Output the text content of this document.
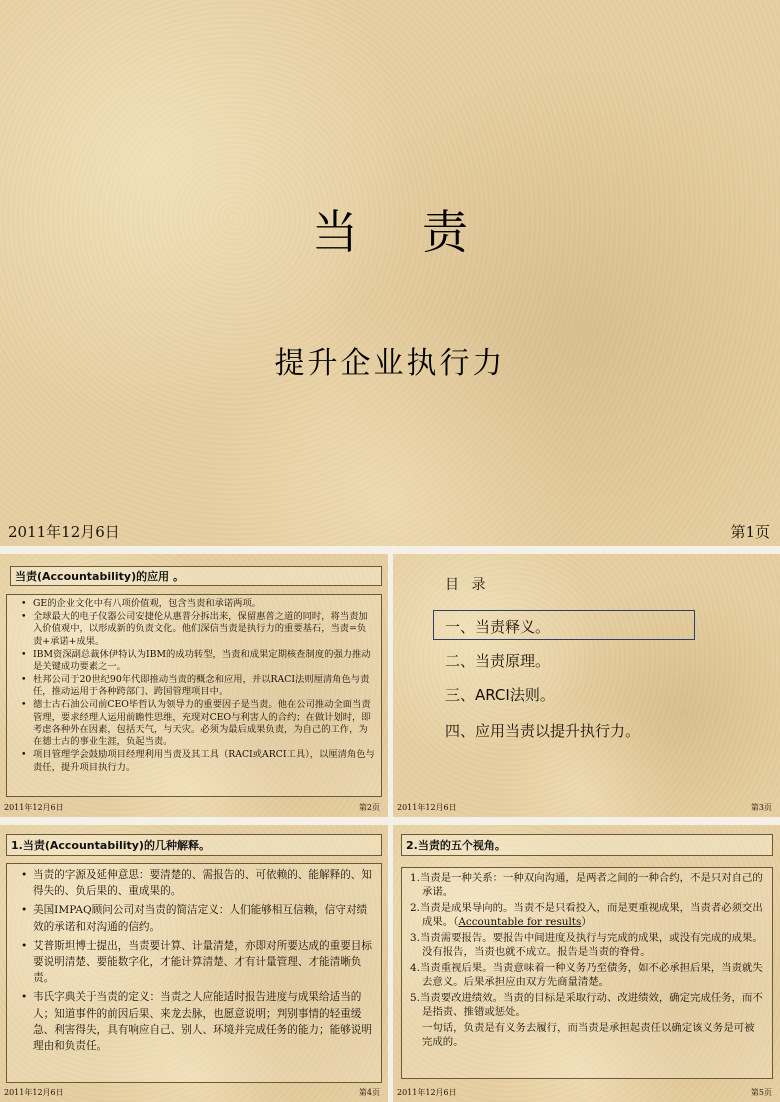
当责
提升企业执行力
2011年12月6日	第1页
当责(Accountability)的应用 。
• GE的企业文化中有八项价值观，包含当责和承诺两项。
• 全球最大的电子仪器公司安捷伦从惠普分拆出来，保留惠普之道的同时，将当责加入价值观中，以形成新的负责文化。他们深信当责是执行力的重要基石，当责=负责+承诺+成果。
• IBM资深副总裁休伊特认为IBM的成功转型，当责和成果定期核查制度的强力推动是关键成功要素之一。
• 杜邦公司于20世纪90年代即推动当责的概念和应用，并以RACI法则厘清角色与责任，推动运用于各种跨部门、跨国管理项目中。
• 德士古石油公司前CEO毕哲认为领导力的重要因子是当责。他在公司推动全面当责管理，要求经理人运用前瞻性思维，充现对CEO与利害人的合约；在做计划时，即考虑各种外在因素，包括天气，与天灾。必须为最后成果负责，为自己的工作，为在德士古的事业生涯，负起当责。
• 项目管理学会鼓励项目经理利用当责及其工具（RACI或ARCI工具），以厘清角色与责任，提升项目执行力。
2011年12月6日	第2页
目 录
一、当责释义。
二、当责原理。
三、ARCI法则。
四、应用当责以提升执行力。
2011年12月6日	第3页
1.当责(Accountability)的几种解释。
• 当责的字源及延伸意思：要清楚的、需报告的、可依赖的、能解释的、知得失的、负后果的、重成果的。
• 美国IMPAQ顾问公司对当责的简洁定义：人们能够相互信赖，信守对绩效的承诺和对沟通的信约。
• 艾普斯坦博士提出，当责要计算、计量清楚，亦即对所要达成的重要目标要说明清楚、要能数字化，才能计算清楚、才有计量管理、才能清晰负责。
• 韦氏字典关于当责的定义：当责之人应能适时报告进度与成果给适当的人；知道事件的前因后果、来龙去脉，也愿意说明；判别事情的轻重缓急、利害得失，具有响应自己、别人、环境并完成任务的能力；能够说明理由和负责任。
2011年12月6日	第4页
2.当责的五个视角。
1.当责是一种关系：一种双向沟通，是两者之间的一种合约，不是只对自己的承诺。
2.当责是成果导向的。当责不是只看投入，而是更重视成果，当责者必须交出成果。（Accountable for results）
3.当责需要报告。要报告中间进度及执行与完成的成果，或没有完成的成果。没有报告，当责也就不成立。报告是当责的脊骨。
4.当责重视后果。当责意味着一种义务乃至债务，如不必承担后果，当责就失去意义。后果承担应由双方先商量清楚。
5.当责要改进绩效。当责的目标是采取行动、改进绩效，确定完成任务，而不是指责、推错或惩处。
一句话，负责是有义务去履行，而当责是承担起责任以确定该义务是可被完成的。
2011年12月6日	第5页
